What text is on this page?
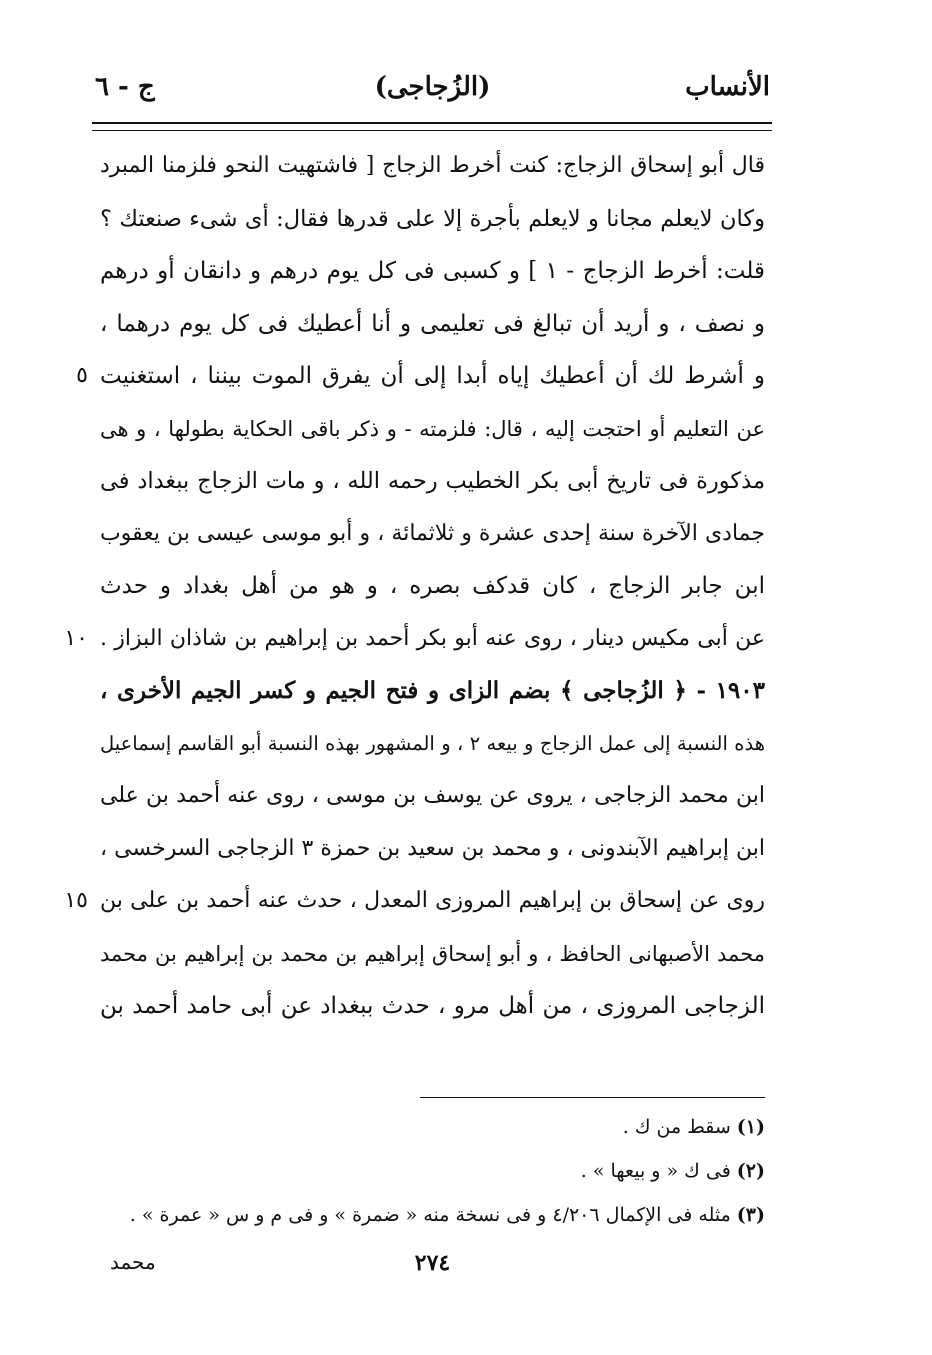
الأنساب
(الزُجاجى)
ج - ٦
قال أبو إسحاق الزجاج: كنت أخرط الزجاج [ فاشتهيت النحو فلزمنا المبرد
وكان لايعلم مجانا و لايعلم بأجرة إلا على قدرها فقال: أى شىء صنعتك ؟
قلت: أخرط الزجاج - ١ ] و كسبى فى كل يوم درهم و دانقان أو درهم
و نصف ، و أريد أن تبالغ فى تعليمى و أنا أعطيك فى كل يوم درهما ،
و أشرط لك أن أعطيك إياه أبدا إلى أن يفرق الموت بيننا ، استغنيت
٥
عن التعليم أو احتجت إليه ، قال: فلزمته - و ذكر باقى الحكاية بطولها ، و هى
مذكورة فى تاريخ أبى بكر الخطيب رحمه الله ، و مات الزجاج ببغداد فى
جمادى الآخرة سنة إحدى عشرة و ثلاثمائة ، و أبو موسى عيسى بن يعقوب
ابن جابر الزجاج ، كان قدكف بصره ، و هو من أهل بغداد و حدث
عن أبى مكيس دينار ، روى عنه أبو بكر أحمد بن إبراهيم بن شاذان البزاز .
١٠
١٩٠٣ - ﴿ الزُجاجى ﴾ بضم الزاى و فتح الجيم و كسر الجيم الأخرى ،
هذه النسبة إلى عمل الزجاج و بيعه ٢ ، و المشهور بهذه النسبة أبو القاسم إسماعيل
ابن محمد الزجاجى ، يروى عن يوسف بن موسى ، روى عنه أحمد بن على
ابن إبراهيم الآبندونى ، و محمد بن سعيد بن حمزة ٣ الزجاجى السرخسى ،
روى عن إسحاق بن إبراهيم المروزى المعدل ، حدث عنه أحمد بن على بن
١٥
محمد الأصبهانى الحافظ ، و أبو إسحاق إبراهيم بن محمد بن إبراهيم بن محمد
الزجاجى المروزى ، من أهل مرو ، حدث ببغداد عن أبى حامد أحمد بن
(١)سقط من ك .
(٢)فى ك « و بيعها » .
(٣)مثله فى الإكمال ٤/٢٠٦ و فى نسخة منه « ضمرة » و فى م و س « عمرة » .
٢٧٤
محمد
